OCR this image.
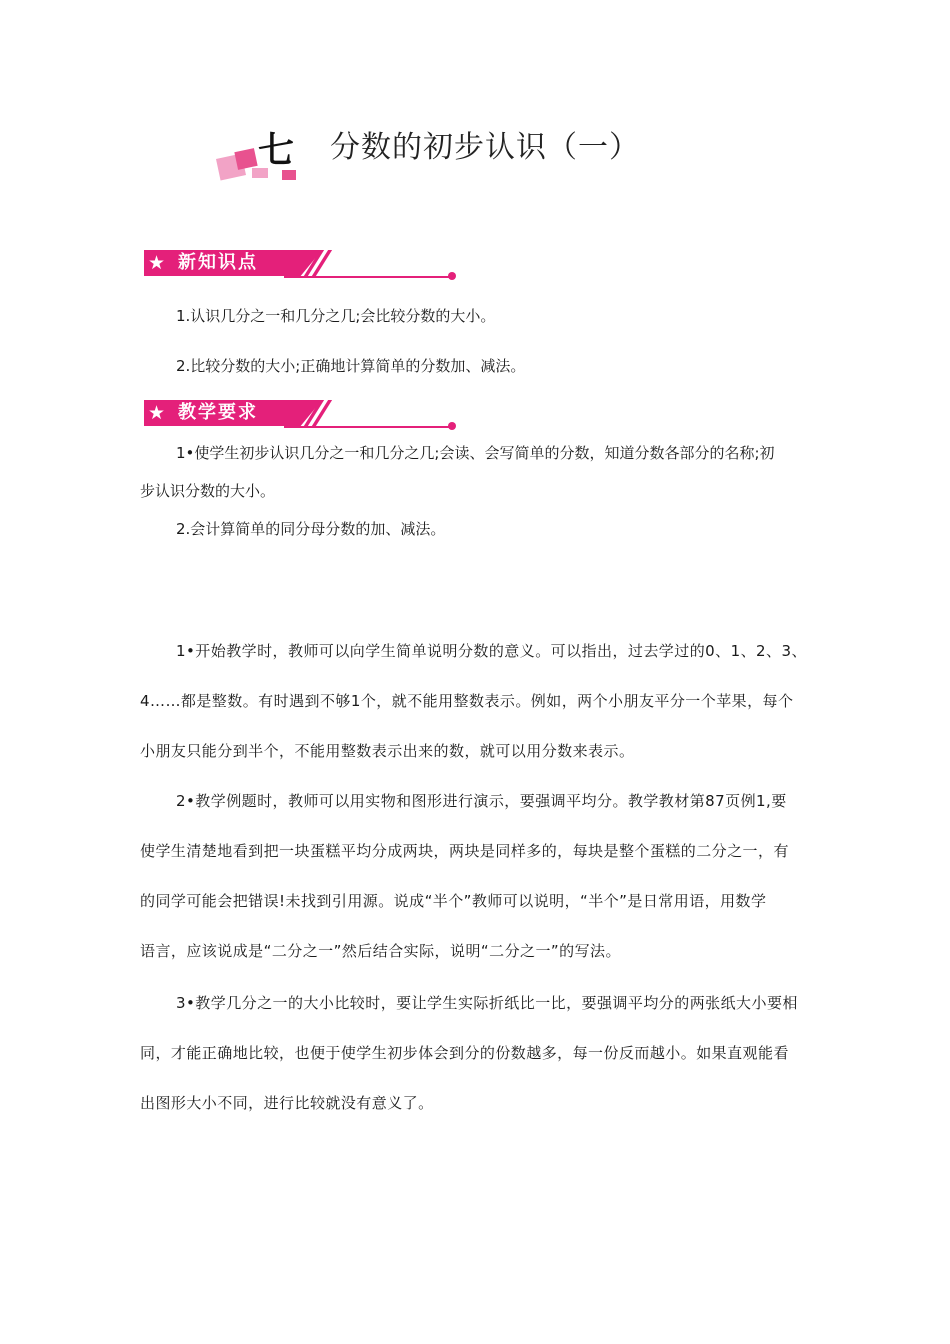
七 分数的初步认识（一）
★ 新知识点

1.认识几分之一和几分之几;会比较分数的大小。

2.比较分数的大小;正确地计算简单的分数加、减法。

★ 教学要求

1•使学生初步认识几分之一和几分之几;会读、会写简单的分数，知道分数各部分的名称;初

步认识分数的大小。

2.会计算简单的同分母分数的加、减法。

1•开始教学时，教师可以向学生简单说明分数的意义。可以指出，过去学过的0、1、2、3、

4……都是整数。有时遇到不够1个，就不能用整数表示。例如，两个小朋友平分一个苹果，每个

小朋友只能分到半个，不能用整数表示出来的数，就可以用分数来表示。

2•教学例题时，教师可以用实物和图形进行演示，要强调平均分。教学教材第87页例1,要

使学生清楚地看到把一块蛋糕平均分成两块，两块是同样多的，每块是整个蛋糕的二分之一，有

的同学可能会把错误!未找到引用源。说成“半个”教师可以说明，“半个”是日常用语，用数学

语言，应该说成是“二分之一”然后结合实际，说明“二分之一”的写法。

3•教学几分之一的大小比较时，要让学生实际折纸比一比，要强调平均分的两张纸大小要相

同，才能正确地比较，也便于使学生初步体会到分的份数越多，每一份反而越小。如果直观能看

出图形大小不同，进行比较就没有意义了。
